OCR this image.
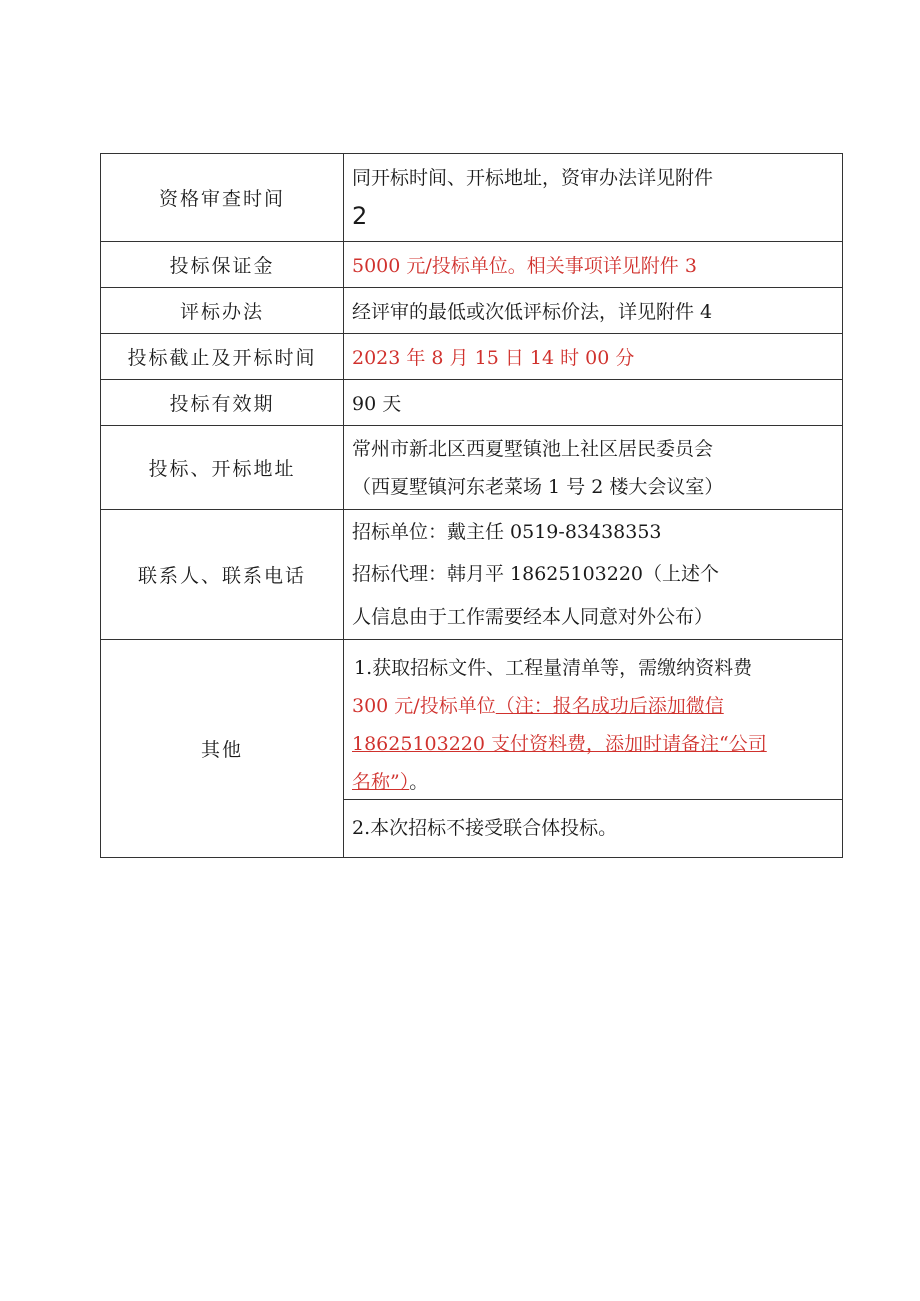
资格审查时间	同开标时间、开标地址，资审办法详见附件
2

投标保证金	5000 元/投标单位。相关事项详见附件 3
评标办法	经评审的最低或次低评标价法，详见附件 4
投标截止及开标时间	2023 年 8 月 15 日 14 时 00 分
投标有效期	90 天
投标、开标地址	常州市新北区西夏墅镇池上社区居民委员会
（西夏墅镇河东老菜场 1 号 2 楼大会议室）

联系人、联系电话	招标单位：戴主任 0519-83438353
招标代理：韩月平 18625103220（上述个
人信息由于工作需要经本人同意对外公布）

其他	1.获取招标文件、工程量清单等，需缴纳资料费
300 元/投标单位（注：报名成功后添加微信
18625103220 支付资料费，添加时请备注“公司
名称”）。
2.本次招标不接受联合体投标。
